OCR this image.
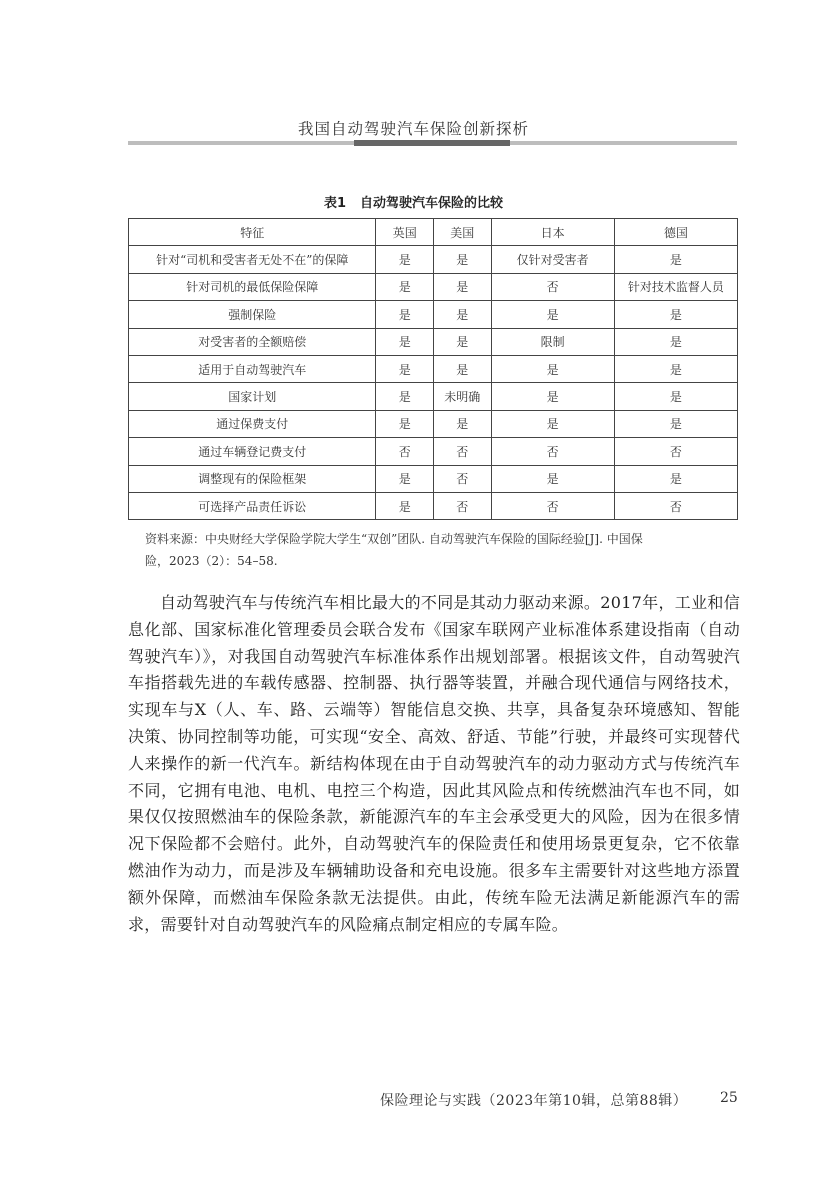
我国自动驾驶汽车保险创新探析
表1 自动驾驶汽车保险的比较
特征	英国	美国	日本	德国
针对“司机和受害者无处不在”的保障	是	是	仅针对受害者	是
针对司机的最低保险保障	是	是	否	针对技术监督人员
强制保险	是	是	是	是
对受害者的全额赔偿	是	是	限制	是
适用于自动驾驶汽车	是	是	是	是
国家计划	是	未明确	是	是
通过保费支付	是	是	是	是
通过车辆登记费支付	否	否	否	否
调整现有的保险框架	是	否	是	是
可选择产品责任诉讼	是	否	否	否
资料来源：中央财经大学保险学院大学生“双创”团队. 自动驾驶汽车保险的国际经验[J]. 中国保
险，2023（2）：54–58.
自动驾驶汽车与传统汽车相比最大的不同是其动力驱动来源。2017年，工业和信息化部、国家标准化管理委员会联合发布《国家车联网产业标准体系建设指南（自动驾驶汽车）》，对我国自动驾驶汽车标准体系作出规划部署。根据该文件，自动驾驶汽车指搭载先进的车载传感器、控制器、执行器等装置，并融合现代通信与网络技术，实现车与X（人、车、路、云端等）智能信息交换、共享，具备复杂环境感知、智能决策、协同控制等功能，可实现“安全、高效、舒适、节能”行驶，并最终可实现替代人来操作的新一代汽车。新结构体现在由于自动驾驶汽车的动力驱动方式与传统汽车不同，它拥有电池、电机、电控三个构造，因此其风险点和传统燃油汽车也不同，如果仅仅按照燃油车的保险条款，新能源汽车的车主会承受更大的风险，因为在很多情况下保险都不会赔付。此外，自动驾驶汽车的保险责任和使用场景更复杂，它不依靠燃油作为动力，而是涉及车辆辅助设备和充电设施。很多车主需要针对这些地方添置额外保障，而燃油车保险条款无法提供。由此，传统车险无法满足新能源汽车的需求，需要针对自动驾驶汽车的风险痛点制定相应的专属车险。
保险理论与实践（2023年第10辑，总第88辑） 25
